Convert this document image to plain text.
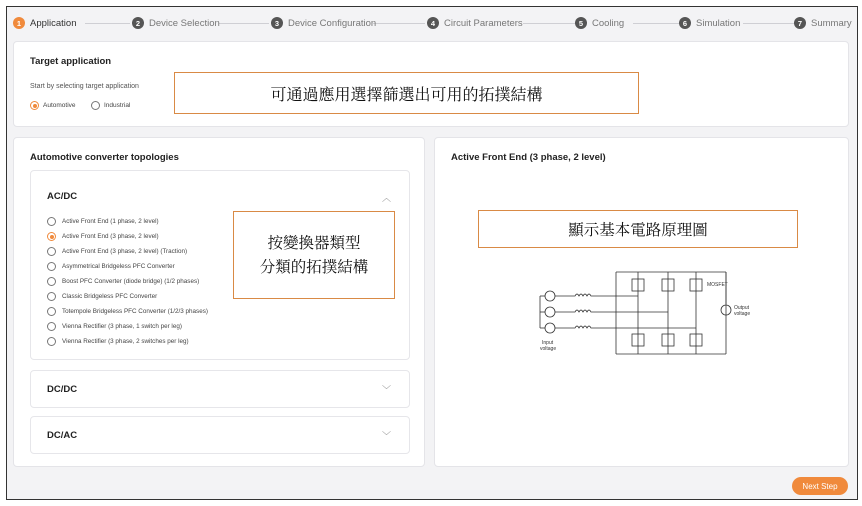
1 Application	2 Device Selection	3 Device Configuration	4 Circuit Parameters	5 Cooling	6 Simulation	7 Summary
Target application
Start by selecting target application
Automotive	Industrial
可通過應用選擇篩選出可用的拓撲結構
Automotive converter topologies
AC/DC	︿
Active Front End (1 phase, 2 level)
Active Front End (3 phase, 2 level)
Active Front End (3 phase, 2 level) (Traction)
Asymmetrical Bridgeless PFC Converter
Boost PFC Converter (diode bridge) (1/2 phases)
Classic Bridgeless PFC Converter
Totempole Bridgeless PFC Converter (1/2/3 phases)
Vienna Rectifier (3 phase, 1 switch per leg)
Vienna Rectifier (3 phase, 2 switches per leg)
按變換器類型
分類的拓撲結構
DC/DC	﹀
DC/AC	﹀
Active Front End (3 phase, 2 level)
顯示基本電路原理圖
MOSFET
Input
voltage
Output
voltage
Next Step
